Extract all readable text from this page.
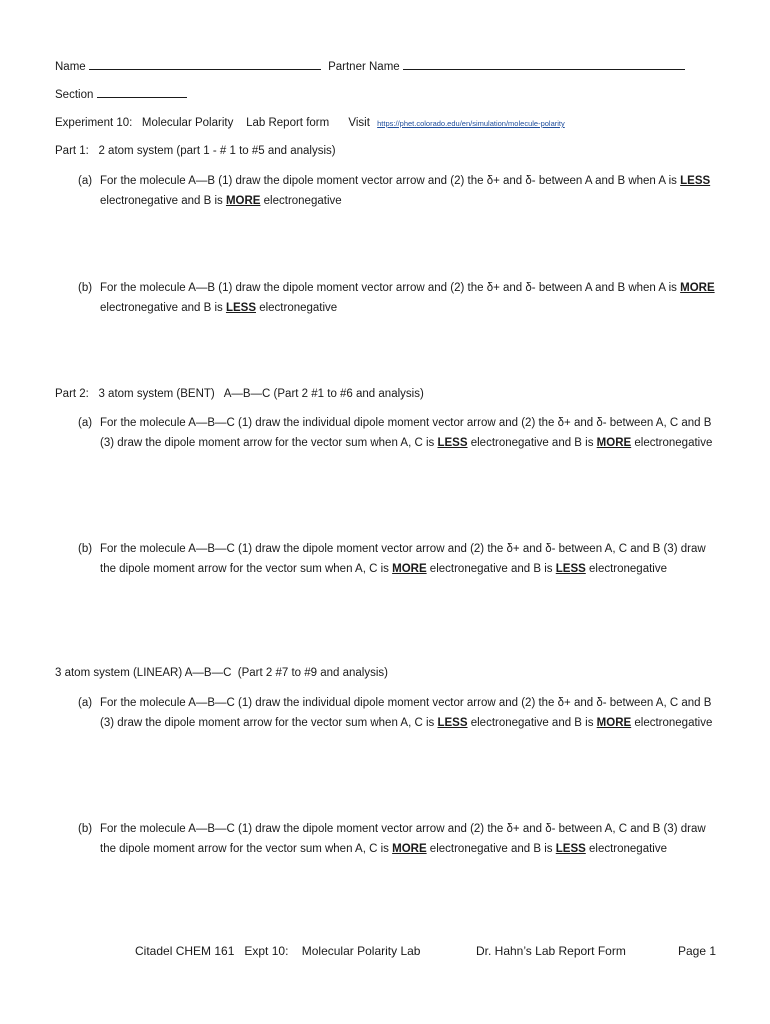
Name	Partner Name
Section
Experiment 10:   Molecular Polarity    Lab Report form Visit https://phet.colorado.edu/en/simulation/molecule-polarity
Part 1:   2 atom system (part 1 - # 1 to #5 and analysis)
(a) For the molecule A—B (1) draw the dipole moment vector arrow and (2) the δ+ and δ- between A and B when A is LESS electronegative and B is MORE electronegative
(b) For the molecule A—B (1) draw the dipole moment vector arrow and (2) the δ+ and δ- between A and B when A is MORE electronegative and B is LESS electronegative
Part 2:   3 atom system (BENT)   A—B—C (Part 2 #1 to #6 and analysis)
(a) For the molecule A—B—C (1) draw the individual dipole moment vector arrow and (2) the δ+ and δ- between A, C and B (3) draw the dipole moment arrow for the vector sum when A, C is LESS electronegative and B is MORE electronegative
(b) For the molecule A—B—C (1) draw the dipole moment vector arrow and (2) the δ+ and δ- between A, C and B (3) draw the dipole moment arrow for the vector sum when A, C is MORE electronegative and B is LESS electronegative
3 atom system (LINEAR) A—B—C  (Part 2 #7 to #9 and analysis)
(a) For the molecule A—B—C (1) draw the individual dipole moment vector arrow and (2) the δ+ and δ- between A, C and B (3) draw the dipole moment arrow for the vector sum when A, C is LESS electronegative and B is MORE electronegative
(b) For the molecule A—B—C (1) draw the dipole moment vector arrow and (2) the δ+ and δ- between A, C and B (3) draw the dipole moment arrow for the vector sum when A, C is MORE electronegative and B is LESS electronegative
Citadel CHEM 161   Expt 10:    Molecular Polarity Lab	Dr. Hahn’s Lab Report Form	Page 1
